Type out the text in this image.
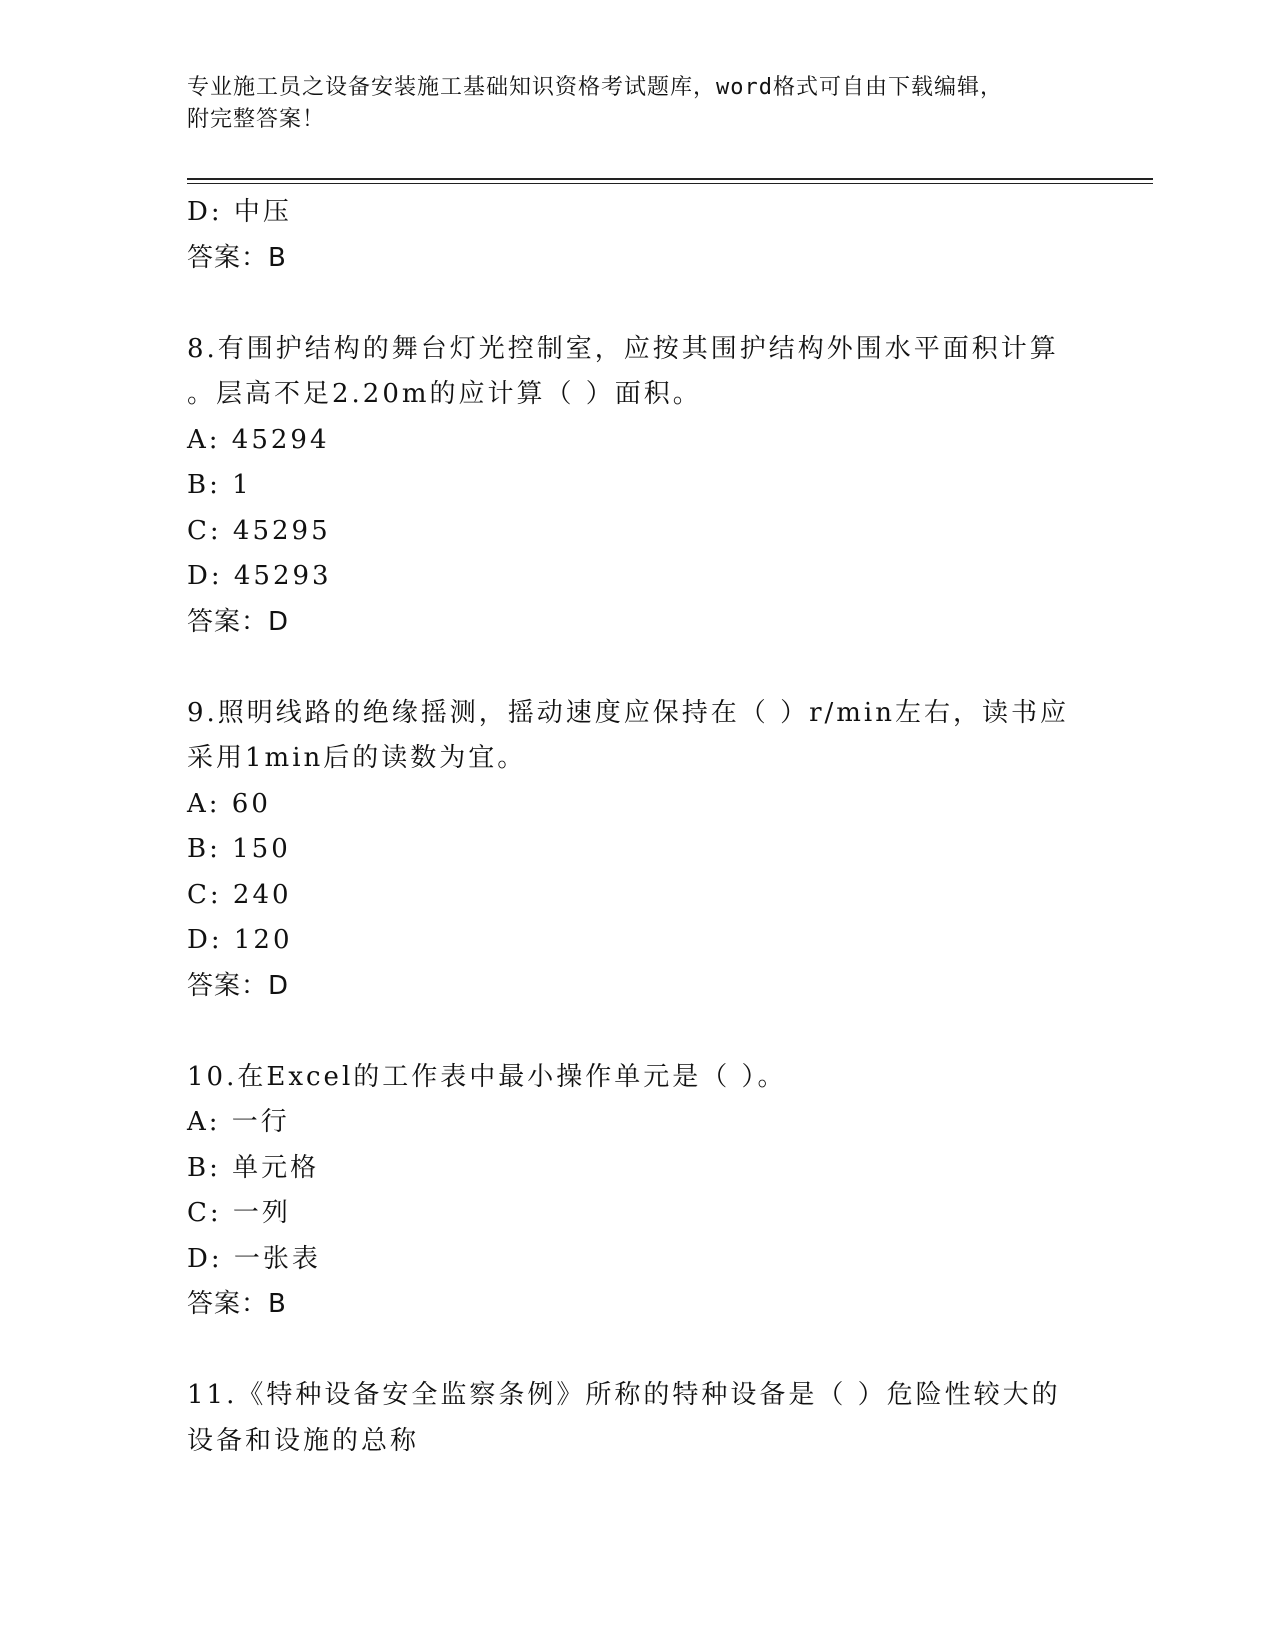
专业施工员之设备安装施工基础知识资格考试题库，word格式可自由下载编辑，
附完整答案！
D: 中压
答案：B
8.有围护结构的舞台灯光控制室，应按其围护结构外围水平面积计算
。层高不足2.20m的应计算（ ）面积。
A: 45294
B: 1
C: 45295
D: 45293
答案：D
9.照明线路的绝缘摇测，摇动速度应保持在（ ）r/min左右，读书应
采用1min后的读数为宜。
A: 60
B: 150
C: 240
D: 120
答案：D
10.在Excel的工作表中最小操作单元是（ ）。
A: 一行
B: 单元格
C: 一列
D: 一张表
答案：B
11.《特种设备安全监察条例》所称的特种设备是（ ）危险性较大的
设备和设施的总称
